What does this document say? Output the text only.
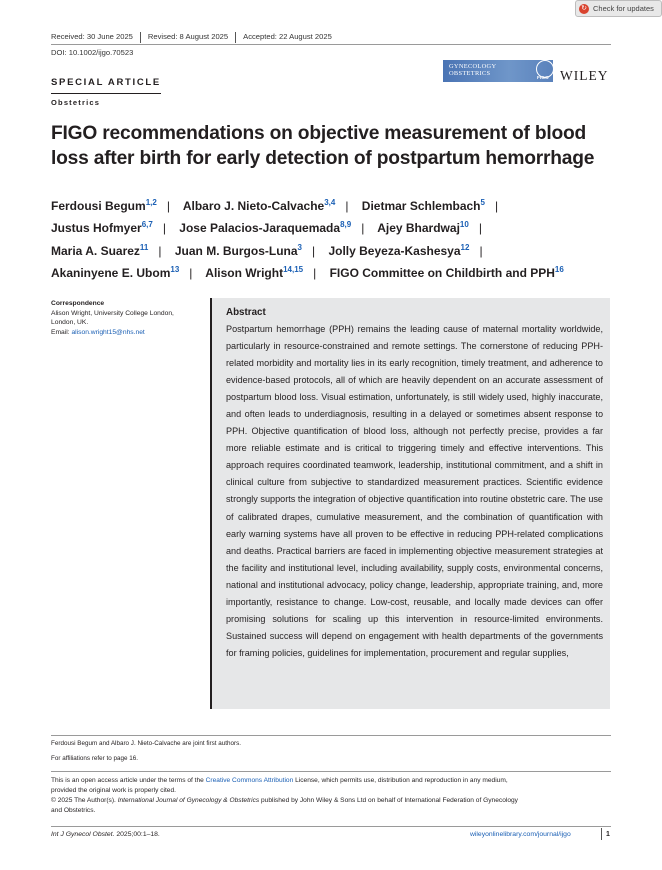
↻ Check for updates
Received: 30 June 2025 Revised: 8 August 2025 Accepted: 22 August 2025
DOI: 10.1002/ijgo.70523
SPECIAL ARTICLE
Obstetrics
GYNECOLOGY
OBSTETRICS
FIGO WILEY
FIGO recommendations on objective measurement of blood loss after birth for early detection of postpartum hemorrhage
Ferdousi Begum$^{1,2}$ | Albaro J. Nieto-Calvache$^{3,4}$ | Dietmar Schlembach$^5$ |
Justus Hofmyer$^{6,7}$ | Jose Palacios-Jaraquemada$^{8,9}$ | Ajey Bhardwaj$^{10}$ |
Maria A. Suarez$^{11}$ | Juan M. Burgos-Luna$^3$ | Jolly Beyeza-Kashesya$^{12}$ |
Akaninyene E. Ubom$^{13}$ | Alison Wright$^{14,15}$ | FIGO Committee on Childbirth and PPH$^{16}$
Correspondence
Alison Wright, University College London,
London, UK.
Email: alison.wright15@nhs.net
Abstract
Postpartum hemorrhage (PPH) remains the leading cause of maternal mortality worldwide, particularly in resource-constrained and remote settings. The cornerstone of reducing PPH-related morbidity and mortality lies in its early recognition, timely treatment, and adherence to evidence-based protocols, all of which are heavily dependent on an accurate assessment of postpartum blood loss. Visual estimation, unfortunately, is still widely used, highly inaccurate, and often leads to underdiagnosis, resulting in a delayed or sometimes absent response to PPH. Objective quantification of blood loss, although not perfectly precise, provides a far more reliable estimate and is critical to triggering timely and effective interventions. This approach requires coordinated teamwork, leadership, institutional commitment, and a shift in clinical culture from subjective to standardized measurement practices. Scientific evidence strongly supports the integration of objective quantification into routine obstetric care. The use of calibrated drapes, cumulative measurement, and the combination of quantification with early warning systems have all proven to be effective in reducing PPH-related complications and deaths. Practical barriers are faced in implementing objective measurement strategies at the facility and institutional level, including availability, supply costs, environmental concerns, national and institutional advocacy, policy change, leadership, appropriate training, and, more importantly, resistance to change. Low-cost, reusable, and locally made devices can offer promising solutions for scaling up this intervention in resource-limited environments. Sustained success will depend on engagement with health departments of the governments for framing policies, guidelines for implementation, procurement and regular supplies,
Ferdousi Begum and Albaro J. Nieto-Calvache are joint first authors.
For affiliations refer to page 16.
This is an open access article under the terms of the Creative Commons Attribution License, which permits use, distribution and reproduction in any medium,
provided the original work is properly cited.
© 2025 The Author(s). International Journal of Gynecology & Obstetrics published by John Wiley & Sons Ltd on behalf of International Federation of Gynecology
and Obstetrics.
Int J Gynecol Obstet. 2025;00:1–18.	wileyonlinelibrary.com/journal/ijgo	1
